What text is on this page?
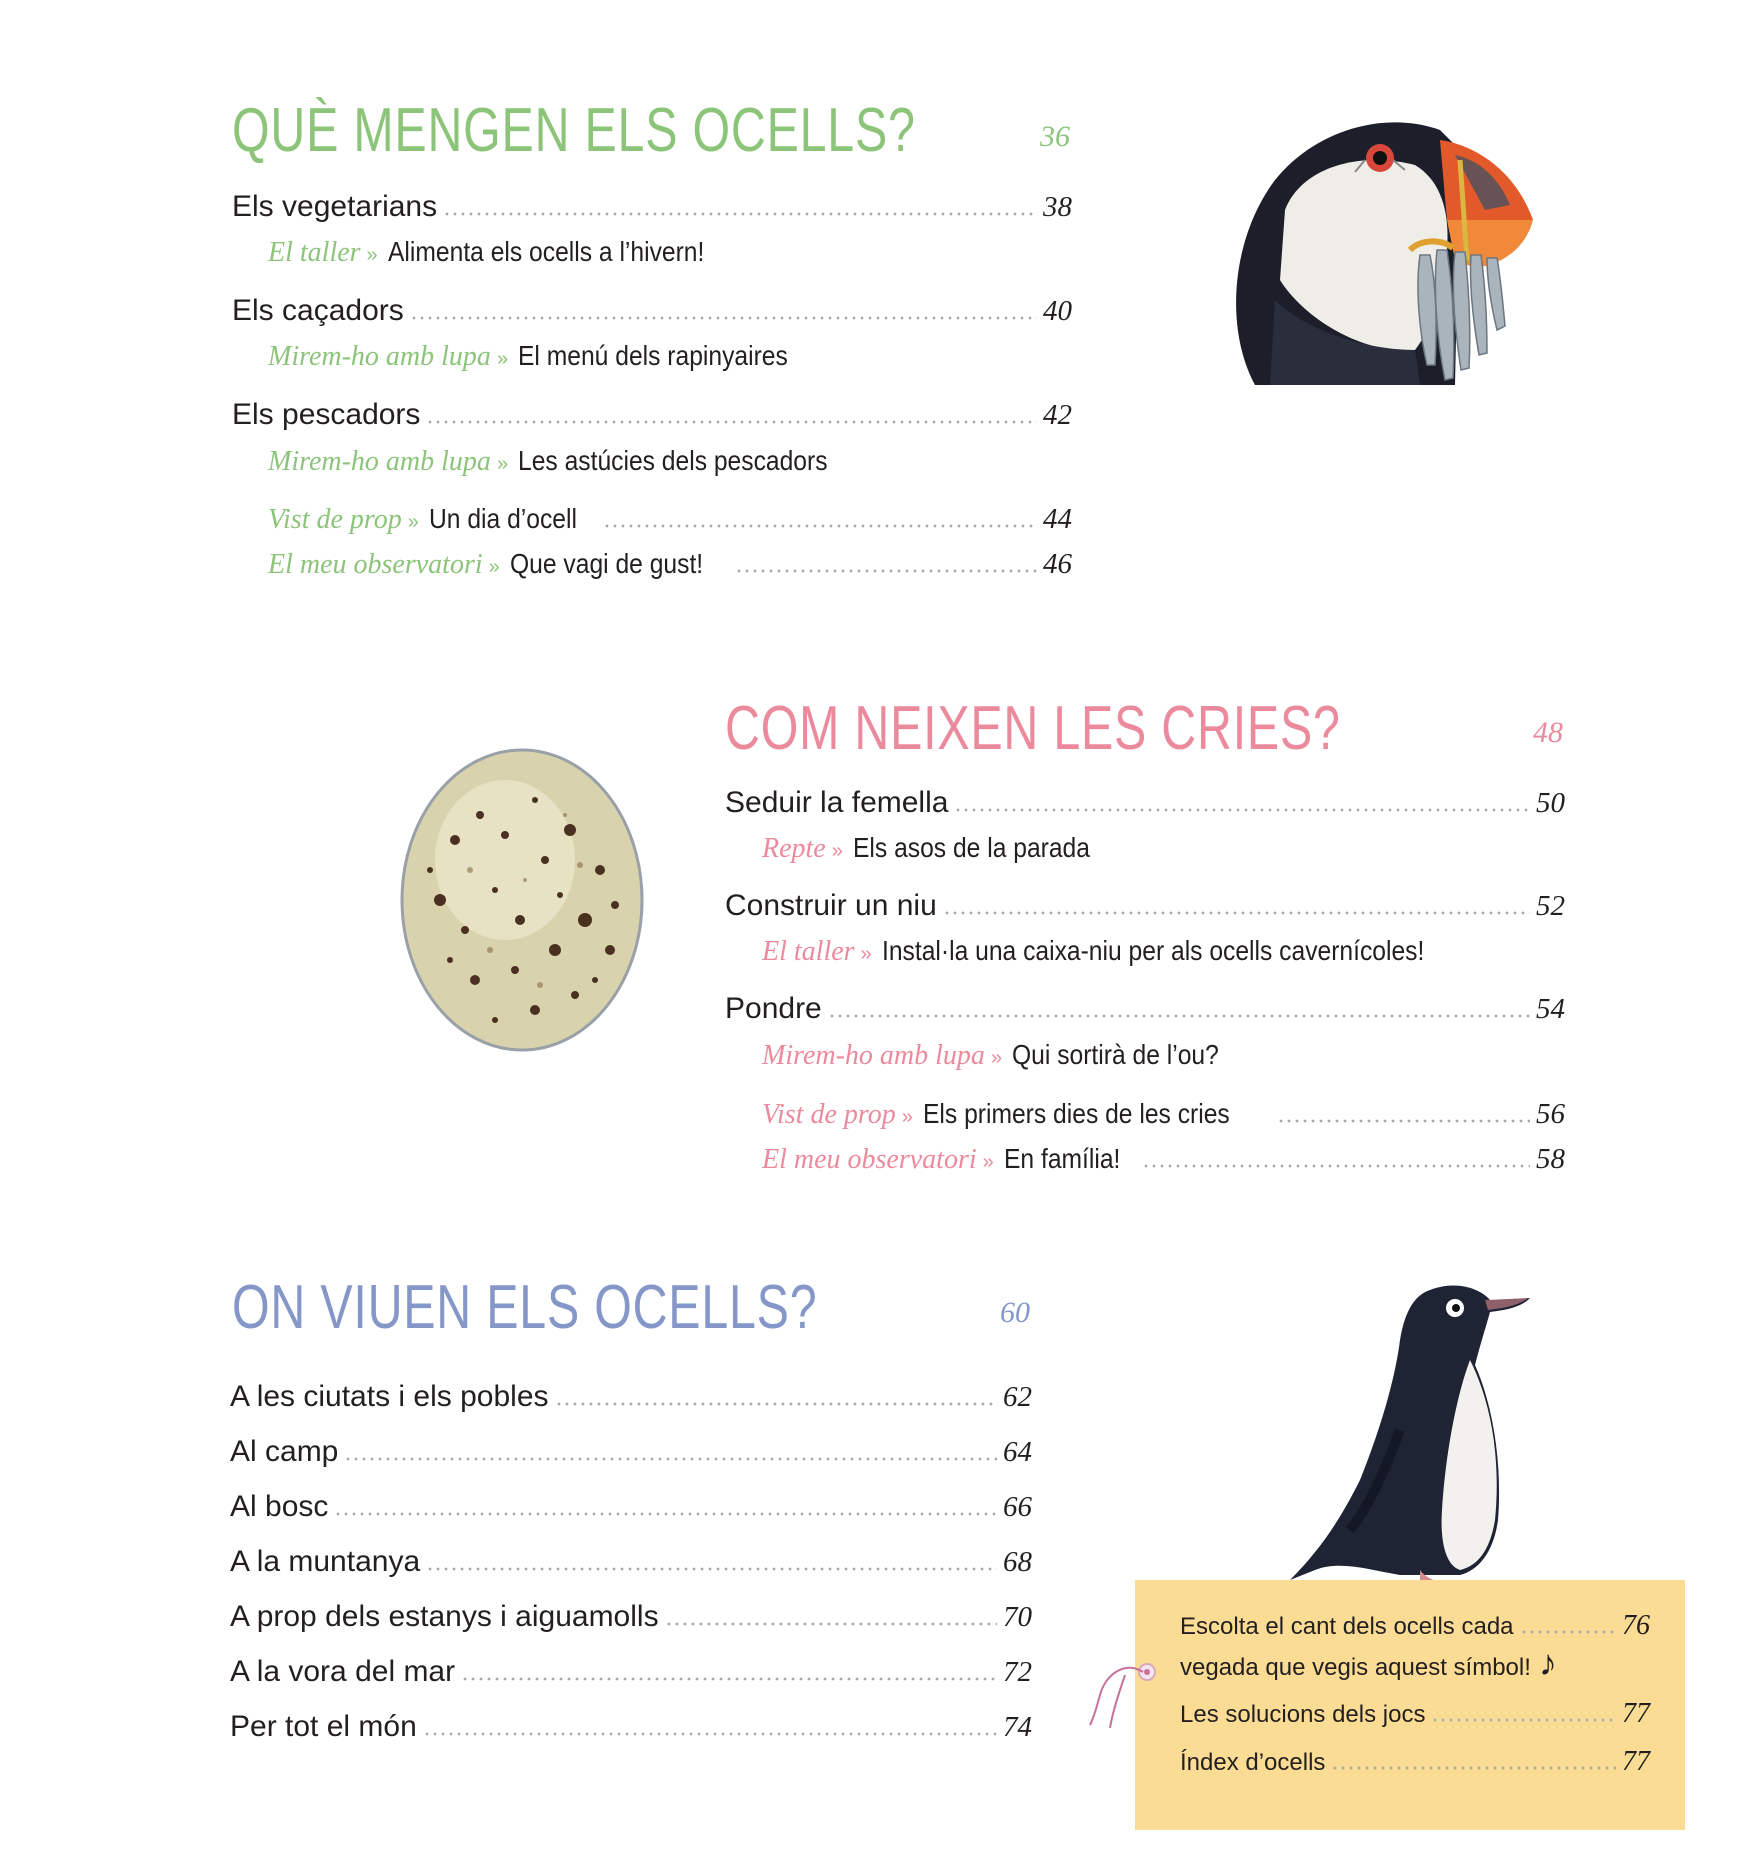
QUÈ MENGEN ELS OCELLS?	36
Els vegetarians	38
El taller » Alimenta els ocells a l’hivern!
Els caçadors	40
Mirem-ho amb lupa » El menú dels rapinyaires
Els pescadors	42
Mirem-ho amb lupa » Les astúcies dels pescadors
Vist de prop » Un dia d’ocell	44
El meu observatori » Que vagi de gust!	46
COM NEIXEN LES CRIES?	48
Seduir la femella	50
Repte » Els asos de la parada
Construir un niu	52
El taller » Instal·la una caixa-niu per als ocells cavernícoles!
Pondre	54
Mirem-ho amb lupa » Qui sortirà de l’ou?
Vist de prop » Els primers dies de les cries	56
El meu observatori » En família!	58
ON VIUEN ELS OCELLS?	60
A les ciutats i els pobles	62
Al camp	64
Al bosc	66
A la muntanya	68
A prop dels estanys i aiguamolls	70
A la vora del mar	72
Per tot el món	74
Escolta el cant dels ocells cada	76
vegada que vegis aquest símbol! ♪
Les solucions dels jocs	77
Índex d’ocells	77
